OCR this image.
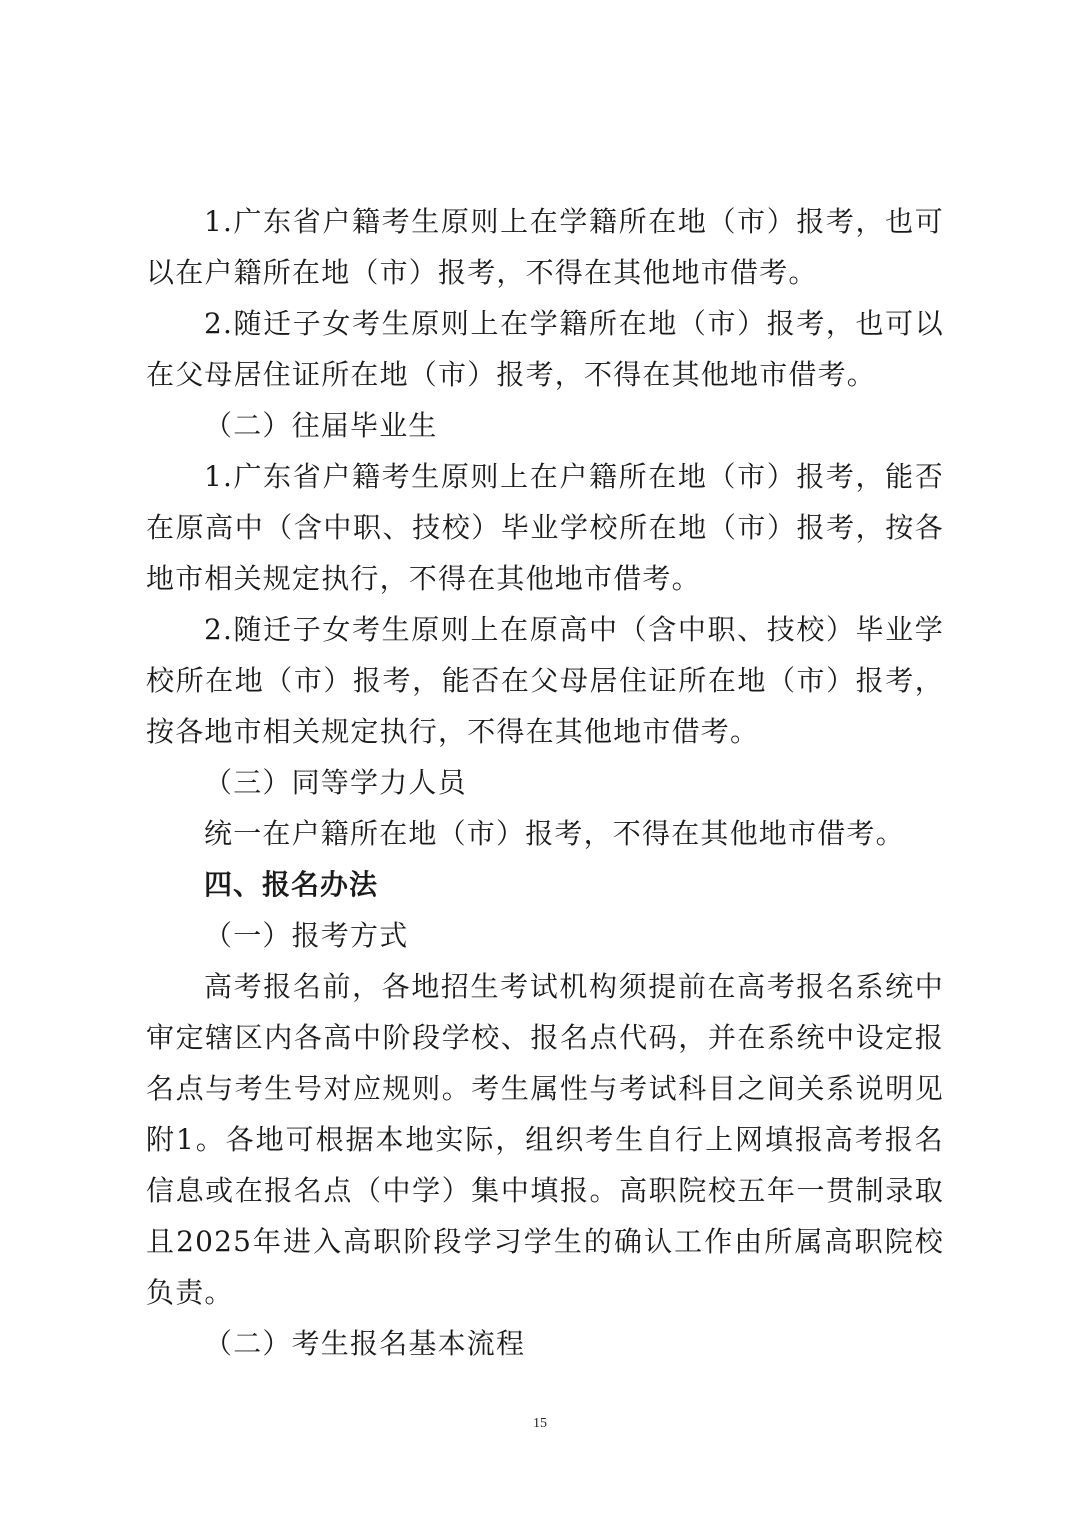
1.广东省户籍考生原则上在学籍所在地（市）报考，也可以在户籍所在地（市）报考，不得在其他地市借考。

2.随迁子女考生原则上在学籍所在地（市）报考，也可以在父母居住证所在地（市）报考，不得在其他地市借考。

（二）往届毕业生

1.广东省户籍考生原则上在户籍所在地（市）报考，能否在原高中（含中职、技校）毕业学校所在地（市）报考，按各地市相关规定执行，不得在其他地市借考。

2.随迁子女考生原则上在原高中（含中职、技校）毕业学校所在地（市）报考，能否在父母居住证所在地（市）报考，按各地市相关规定执行，不得在其他地市借考。

（三）同等学力人员

统一在户籍所在地（市）报考，不得在其他地市借考。

四、报名办法

（一）报考方式

高考报名前，各地招生考试机构须提前在高考报名系统中审定辖区内各高中阶段学校、报名点代码，并在系统中设定报名点与考生号对应规则。考生属性与考试科目之间关系说明见附1。各地可根据本地实际，组织考生自行上网填报高考报名信息或在报名点（中学）集中填报。高职院校五年一贯制录取且2025年进入高职阶段学习学生的确认工作由所属高职院校负责。

（二）考生报名基本流程

15
